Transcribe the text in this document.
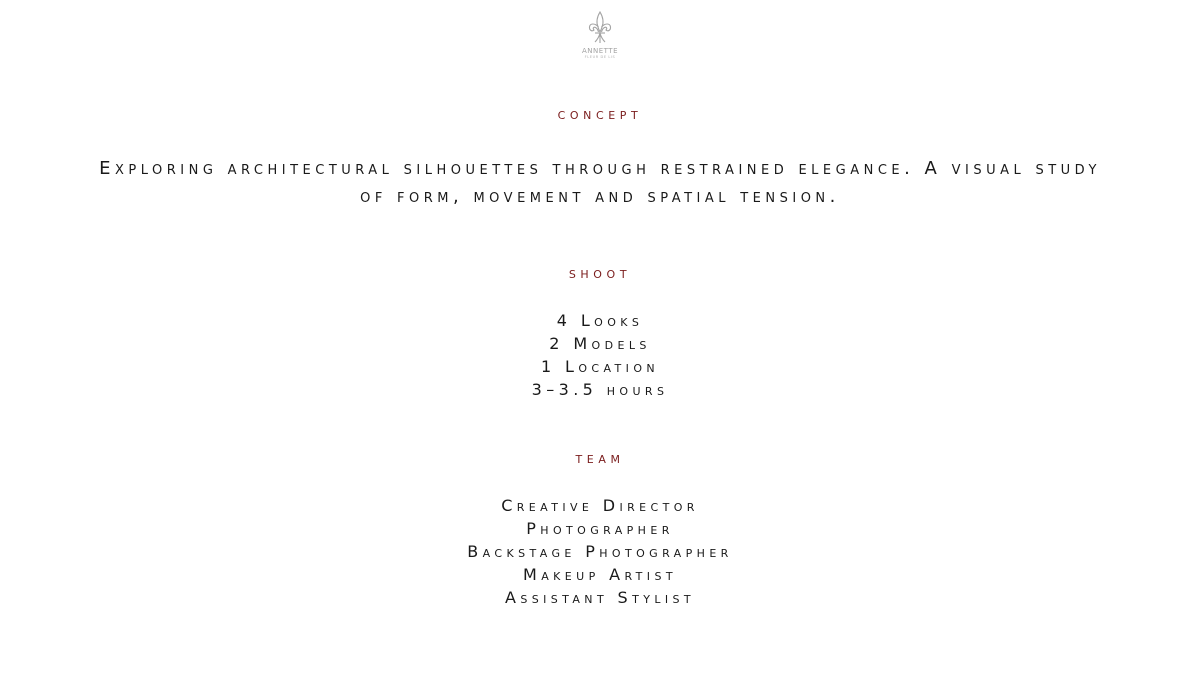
ANNETTE
FLEUR DE LIS
concept
Exploring architectural silhouettes through restrained elegance. A visual study
of form, movement and spatial tension.
shoot
4 Looks
2 Models
1 Location
3–3.5 hours
team
Creative Director
Photographer
Backstage Photographer
Makeup Artist
Assistant Stylist
